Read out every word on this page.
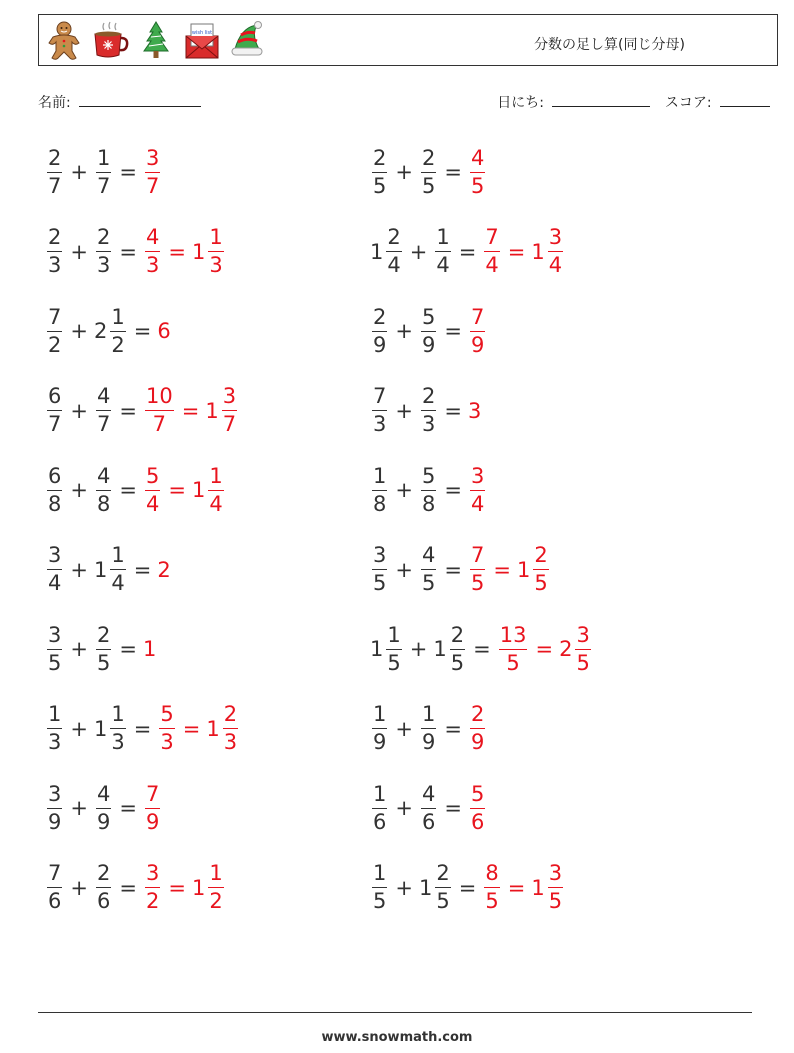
wish list
分数の足し算(同じ分母)
名前:	日にち:	スコア:
$\frac{2}{7} + \frac{1}{7} = \frac{3}{7}$	$\frac{2}{5} + \frac{2}{5} = \frac{4}{5}$
$\frac{2}{3} + \frac{2}{3} = \frac{4}{3} = 1 \frac{1}{3}$	$1 \frac{2}{4} + \frac{1}{4} = \frac{7}{4} = 1 \frac{3}{4}$
$\frac{7}{2} + 2 \frac{1}{2} = 6$	$\frac{2}{9} + \frac{5}{9} = \frac{7}{9}$
$\frac{6}{7} + \frac{4}{7} = \frac{10}{7} = 1 \frac{3}{7}$	$\frac{7}{3} + \frac{2}{3} = 3$
$\frac{6}{8} + \frac{4}{8} = \frac{5}{4} = 1 \frac{1}{4}$	$\frac{1}{8} + \frac{5}{8} = \frac{3}{4}$
$\frac{3}{4} + 1 \frac{1}{4} = 2$	$\frac{3}{5} + \frac{4}{5} = \frac{7}{5} = 1 \frac{2}{5}$
$\frac{3}{5} + \frac{2}{5} = 1$	$1 \frac{1}{5} + 1 \frac{2}{5} = \frac{13}{5} = 2 \frac{3}{5}$
$\frac{1}{3} + 1 \frac{1}{3} = \frac{5}{3} = 1 \frac{2}{3}$	$\frac{1}{9} + \frac{1}{9} = \frac{2}{9}$
$\frac{3}{9} + \frac{4}{9} = \frac{7}{9}$	$\frac{1}{6} + \frac{4}{6} = \frac{5}{6}$
$\frac{7}{6} + \frac{2}{6} = \frac{3}{2} = 1 \frac{1}{2}$	$\frac{1}{5} + 1 \frac{2}{5} = \frac{8}{5} = 1 \frac{3}{5}$
www.snowmath.com
